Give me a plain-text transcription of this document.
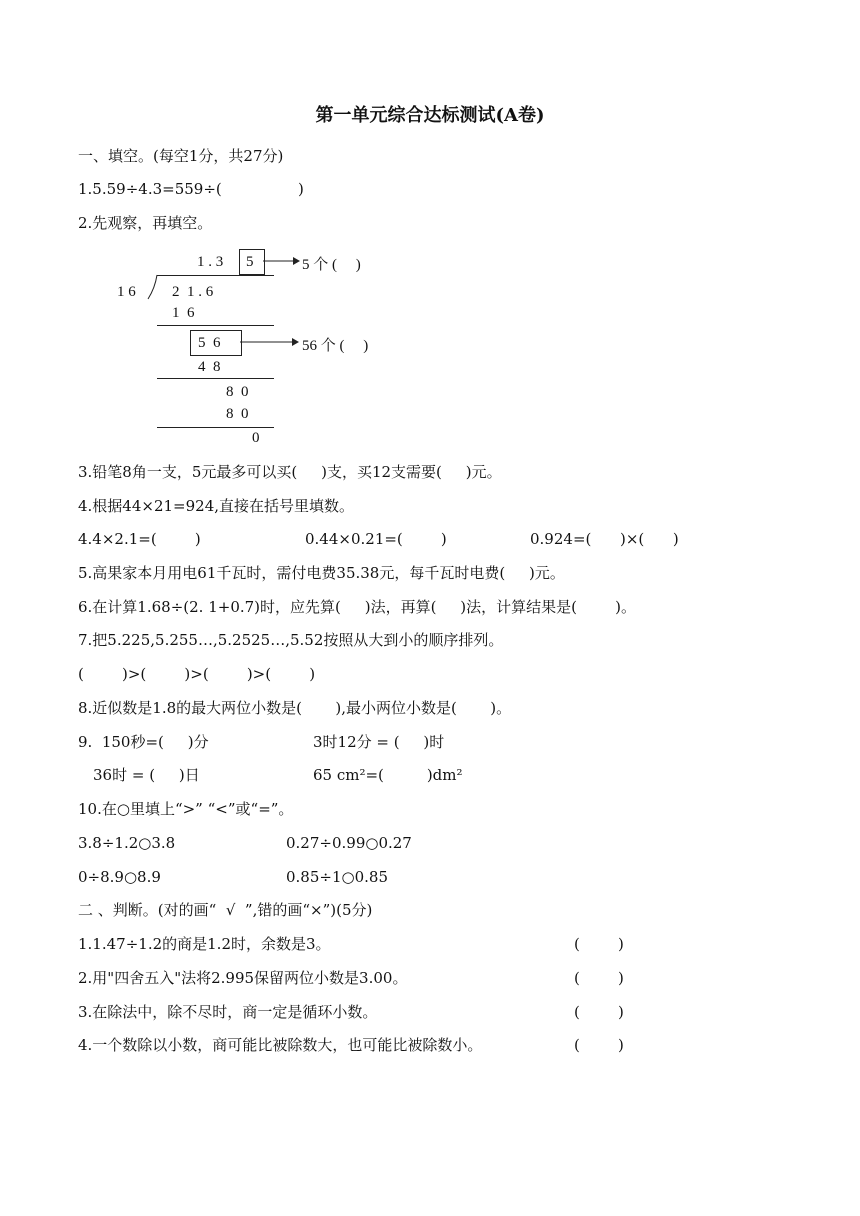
第一单元综合达标测试(A卷)
一、填空。(每空1分，共27分)
1.5.59÷4.3=559÷(                )
2.先观察，再填空。
1 . 3 5	5 个 (     )
1 6 2  1 . 6
1  6
5  6	56 个 (     )
4  8
8  0
8  0
0
3.铅笔8角一支，5元最多可以买(     )支，买12支需要(     )元。
4.根据44×21=924,直接在括号里填数。
4.4×2.1=(        )	0.44×0.21=(        )	0.924=(      )×(      )
5.高果家本月用电61千瓦时，需付电费35.38元，每千瓦时电费(     )元。
6.在计算1.68÷(2. 1+0.7)时，应先算(     )法，再算(     )法，计算结果是(        )。
7.把5.225,5.255…,5.2525…,5.52按照从大到小的顺序排列。
(        )>(        )>(        )>(        )
8.近似数是1.8的最大两位小数是(       ),最小两位小数是(       )。
9.  150秒=(     )分	3时12分 = (     )时
36时 = (     )日	65 cm²=(         )dm²
10.在○里填上“>” “<”或“=”。
3.8÷1.2○3.8	0.27÷0.99○0.27
0÷8.9○8.9	0.85÷1○0.85
二 、判断。(对的画“  √  ”,错的画“×”)(5分)
1.1.47÷1.2的商是1.2时，余数是3。	(        )
2.用"四舍五入"法将2.995保留两位小数是3.00。	(        )
3.在除法中，除不尽时，商一定是循环小数。	(        )
4.一个数除以小数，商可能比被除数大，也可能比被除数小。	(        )
